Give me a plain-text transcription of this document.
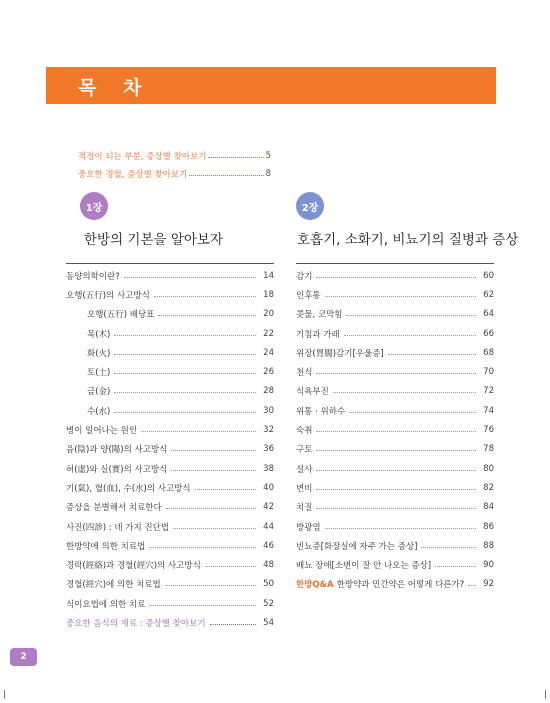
목 차
적정이 되는 부분, 증상별 찾아보기	5
중요한 경혈, 증상별 찾아보기	8
1장	2장
한방의 기본을 알아보자	호흡기, 소화기, 비뇨기의 질병과 증상
동양의학이란?	14
오행(五行)의 사고방식	18
오행(五行) 배당표	20
목(木)	22
화(火)	24
토(土)	26
금(金)	28
수(水)	30
병이 일어나는 원인	32
음(陰)과 양(陽)의 사고방식	36
허(虛)와 실(實)의 사고방식	38
기(氣), 혈(血), 수(水)의 사고방식	40
증상을 분별해서 치료한다	42
사진(四診) : 네 가지 진단법	44
한방약에 의한 치료법	46
경락(經絡)과 경혈(經穴)의 사고방식	48
경혈(經穴)에 의한 치료법	50
식이요법에 의한 치료	52
중요한 음식의 재료 : 증상별 찾아보기	54
감기	60
인후통	62
콧물, 코막힘	64
기침과 가래	66
위장(胃腸)감기[우울증]	68
천식	70
식욕부진	72
위통 · 위하수	74
숙취	76
구토	78
설사	80
변비	82
치질	84
방광염	86
빈뇨증[화장실에 자주 가는 증상]	88
배뇨 장애[소변이 잘 안 나오는 증상]	90
한방Q&A 한방약과 민간약은 어떻게 다른가?	92
2
